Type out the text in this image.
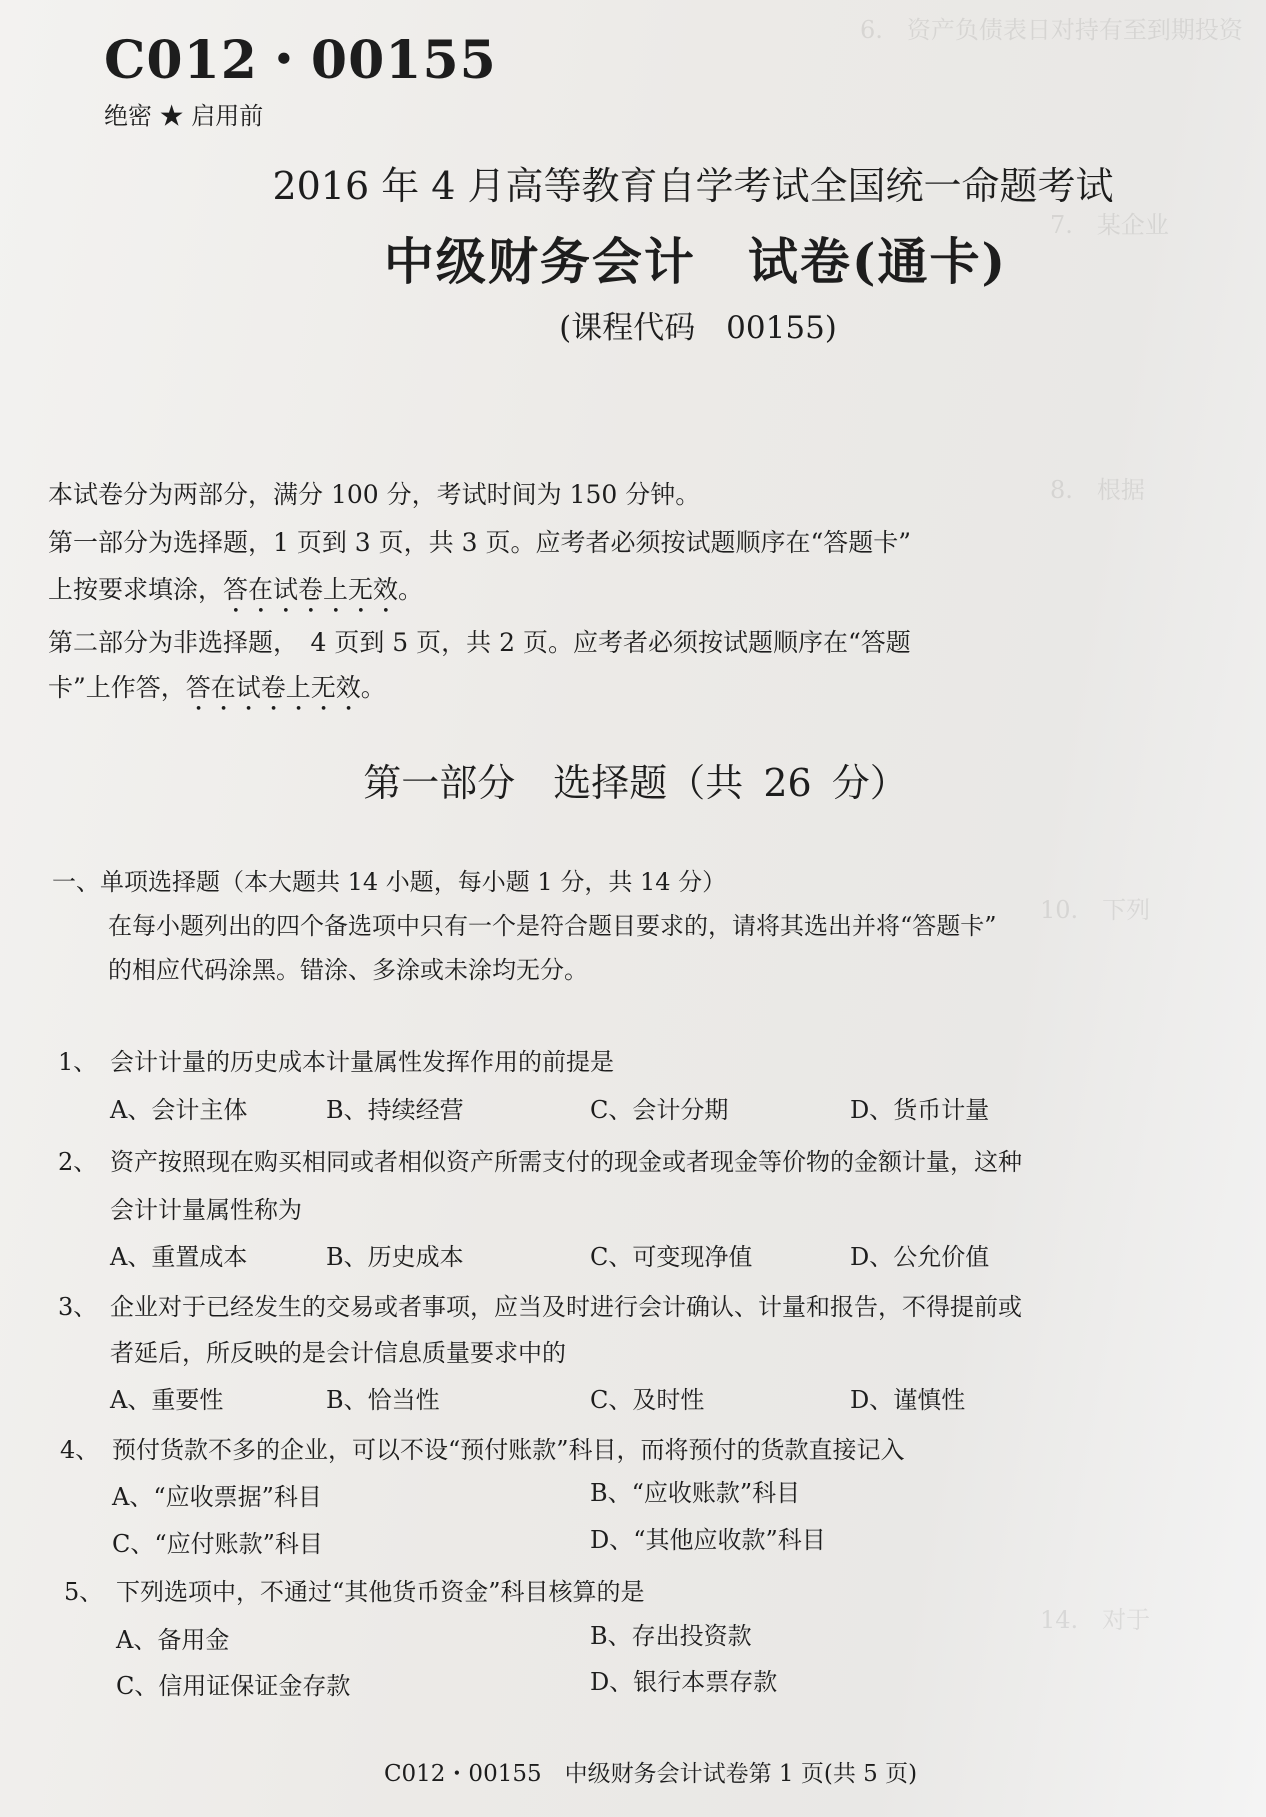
6.　资产负债表日对持有至到期投资
7.　某企业
8.　根据
10.　下列
14.　对于
C012・00155
绝密 ★ 启用前
2016 年 4 月高等教育自学考试全国统一命题考试
中级财务会计　试卷(通卡)
(课程代码　00155)
本试卷分为两部分，满分 100 分，考试时间为 150 分钟。
第一部分为选择题，1 页到 3 页，共 3 页。应考者必须按试题顺序在“答题卡”
上按要求填涂，答在试卷上无效。
第二部分为非选择题，　4 页到 5 页，共 2 页。应考者必须按试题顺序在“答题
卡”上作答，答在试卷上无效。
第一部分　选择题（共 26 分）
一、单项选择题（本大题共 14 小题，每小题 1 分，共 14 分）
在每小题列出的四个备选项中只有一个是符合题目要求的，请将其选出并将“答题卡”
的相应代码涂黑。错涂、多涂或未涂均无分。
1、 会计计量的历史成本计量属性发挥作用的前提是
A、会计主体	B、持续经营	C、会计分期	D、货币计量
2、 资产按照现在购买相同或者相似资产所需支付的现金或者现金等价物的金额计量，这种
会计计量属性称为
A、重置成本	B、历史成本	C、可变现净值	D、公允价值
3、 企业对于已经发生的交易或者事项，应当及时进行会计确认、计量和报告，不得提前或
者延后，所反映的是会计信息质量要求中的
A、重要性	B、恰当性	C、及时性	D、谨慎性
4、 预付货款不多的企业，可以不设“预付账款”科目，而将预付的货款直接记入
A、“应收票据”科目	B、“应收账款”科目
C、“应付账款”科目	D、“其他应收款”科目
5、 下列选项中，不通过“其他货币资金”科目核算的是
A、备用金	B、存出投资款
C、信用证保证金存款	D、银行本票存款
C012・00155　中级财务会计试卷第 1 页(共 5 页)
